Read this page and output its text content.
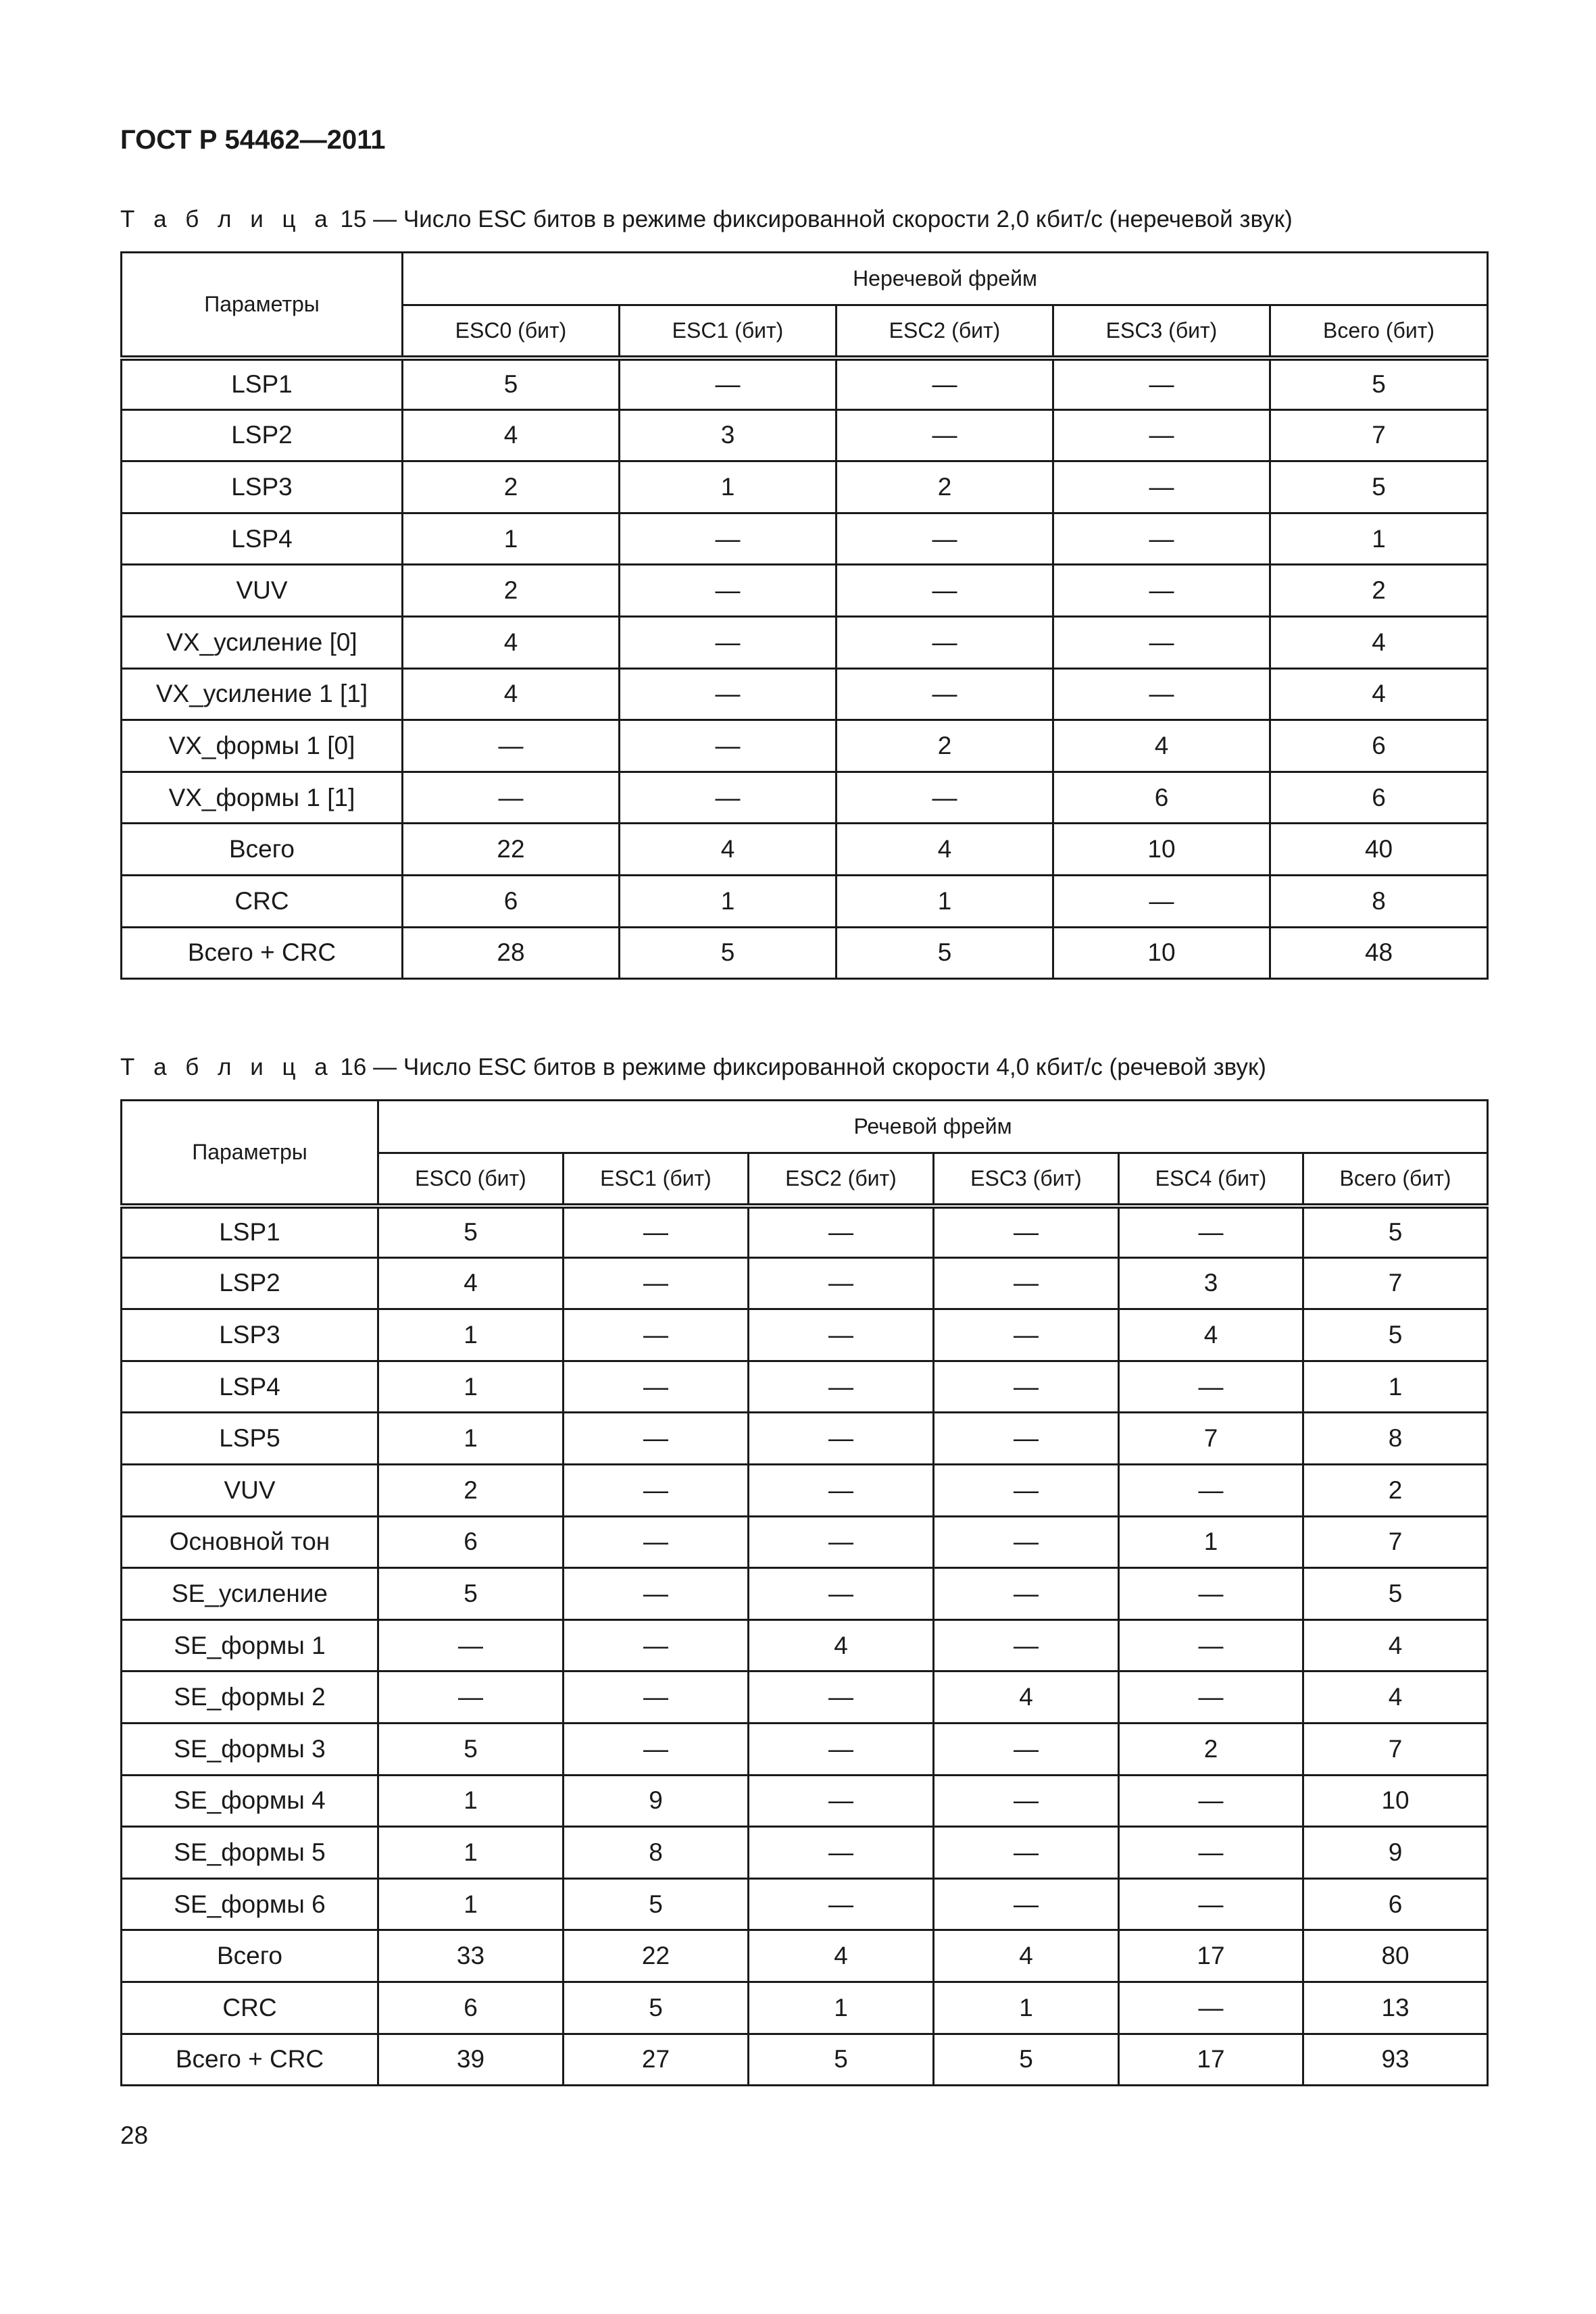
ГОСТ Р 54462—2011
Т а б л и ц а 15 — Число ESC битов в режиме фиксированной скорости 2,0 кбит/с (неречевой звук)
Параметры	Неречевой фрейм				
	ESC0 (бит)	ESC1 (бит)	ESC2 (бит)	ESC3 (бит)	Всего (бит)
LSP1	5	—	—	—	5
LSP2	4	3	—	—	7
LSP3	2	1	2	—	5
LSP4	1	—	—	—	1
VUV	2	—	—	—	2
VX_усиление [0]	4	—	—	—	4
VX_усиление 1 [1]	4	—	—	—	4
VX_формы 1 [0]	—	—	2	4	6
VX_формы 1 [1]	—	—	—	6	6
Всего	22	4	4	10	40
CRC	6	1	1	—	8
Всего + CRC	28	5	5	10	48
Т а б л и ц а 16 — Число ESC битов в режиме фиксированной скорости 4,0 кбит/с (речевой звук)
Параметры	Речевой фрейм					
	ESC0 (бит)	ESC1 (бит)	ESC2 (бит)	ESC3 (бит)	ESC4 (бит)	Всего (бит)
LSP1	5	—	—	—	—	5
LSP2	4	—	—	—	3	7
LSP3	1	—	—	—	4	5
LSP4	1	—	—	—	—	1
LSP5	1	—	—	—	7	8
VUV	2	—	—	—	—	2
Основной тон	6	—	—	—	1	7
SE_усиление	5	—	—	—	—	5
SE_формы 1	—	—	4	—	—	4
SE_формы 2	—	—	—	4	—	4
SE_формы 3	5	—	—	—	2	7
SE_формы 4	1	9	—	—	—	10
SE_формы 5	1	8	—	—	—	9
SE_формы 6	1	5	—	—	—	6
Всего	33	22	4	4	17	80
CRC	6	5	1	1	—	13
Всего + CRC	39	27	5	5	17	93
28
